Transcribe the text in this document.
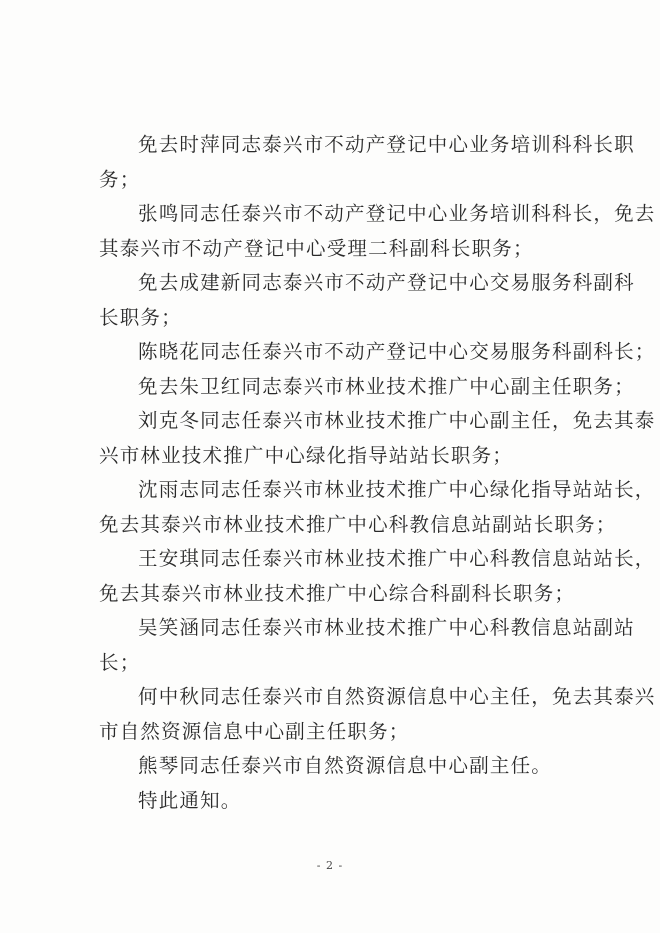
免去时萍同志泰兴市不动产登记中心业务培训科科长职
务；
张鸣同志任泰兴市不动产登记中心业务培训科科长，免去
其泰兴市不动产登记中心受理二科副科长职务；
免去成建新同志泰兴市不动产登记中心交易服务科副科
长职务；
陈晓花同志任泰兴市不动产登记中心交易服务科副科长；
免去朱卫红同志泰兴市林业技术推广中心副主任职务；
刘克冬同志任泰兴市林业技术推广中心副主任，免去其泰
兴市林业技术推广中心绿化指导站站长职务；
沈雨志同志任泰兴市林业技术推广中心绿化指导站站长，
免去其泰兴市林业技术推广中心科教信息站副站长职务；
王安琪同志任泰兴市林业技术推广中心科教信息站站长，
免去其泰兴市林业技术推广中心综合科副科长职务；
吴笑涵同志任泰兴市林业技术推广中心科教信息站副站
长；
何中秋同志任泰兴市自然资源信息中心主任，免去其泰兴
市自然资源信息中心副主任职务；
熊琴同志任泰兴市自然资源信息中心副主任。
特此通知。
- 2 -
